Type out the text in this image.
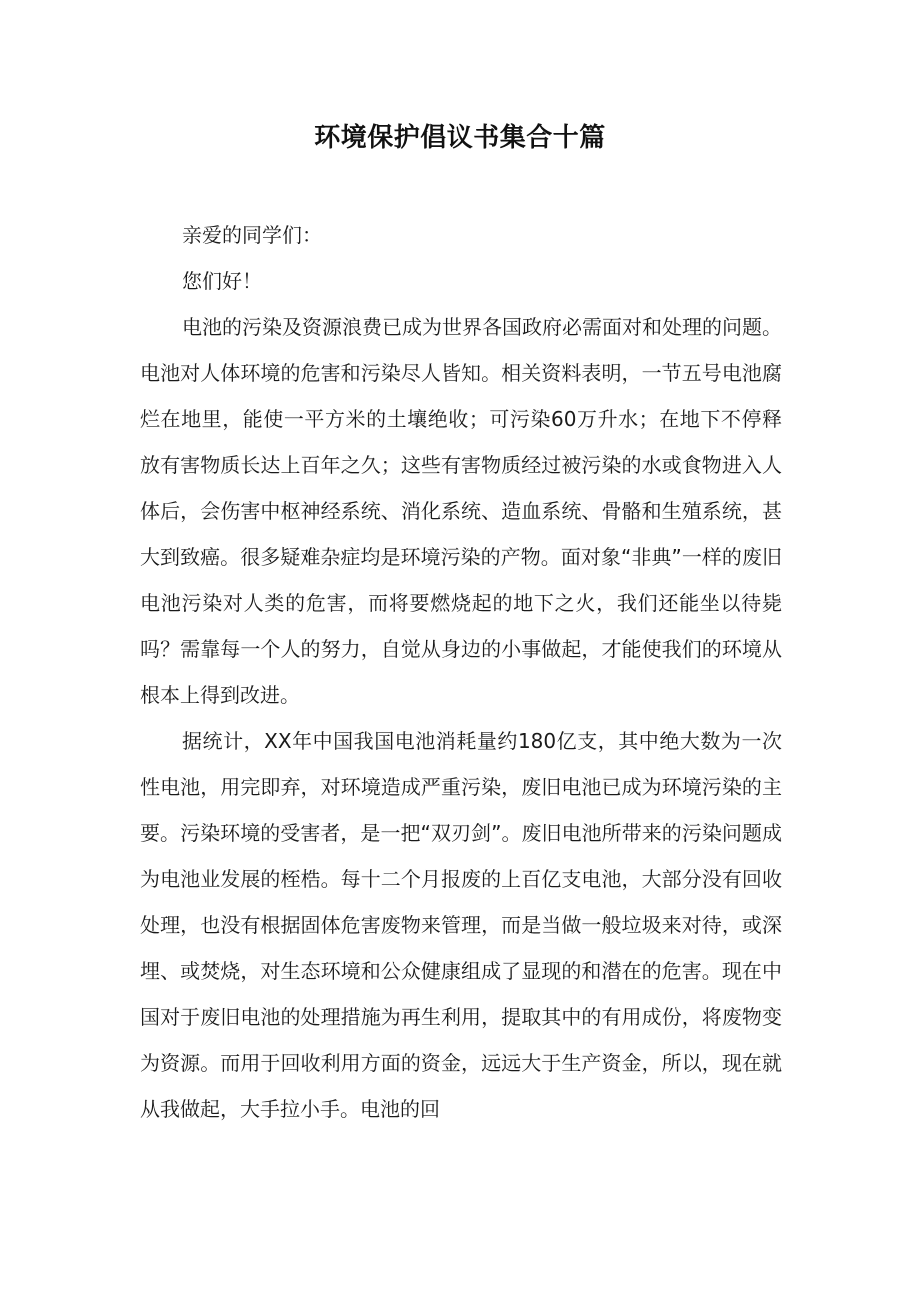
环境保护倡议书集合十篇

亲爱的同学们：

您们好！

电池的污染及资源浪费已成为世界各国政府必需面对和处理的问题。电池对人体环境的危害和污染尽人皆知。相关资料表明，一节五号电池腐烂在地里，能使一平方米的土壤绝收；可污染60万升水；在地下不停释放有害物质长达上百年之久；这些有害物质经过被污染的水或食物进入人体后，会伤害中枢神经系统、消化系统、造血系统、骨骼和生殖系统，甚大到致癌。很多疑难杂症均是环境污染的产物。面对象“非典”一样的废旧电池污染对人类的危害，而将要燃烧起的地下之火，我们还能坐以待毙吗？需靠每一个人的努力，自觉从身边的小事做起，才能使我们的环境从根本上得到改进。

据统计，XX年中国我国电池消耗量约180亿支，其中绝大数为一次性电池，用完即弃，对环境造成严重污染，废旧电池已成为环境污染的主要。污染环境的受害者，是一把“双刃剑”。废旧电池所带来的污染问题成为电池业发展的桎梏。每十二个月报废的上百亿支电池，大部分没有回收处理，也没有根据固体危害废物来管理，而是当做一般垃圾来对待，或深埋、或焚烧，对生态环境和公众健康组成了显现的和潜在的危害。现在中国对于废旧电池的处理措施为再生利用，提取其中的有用成份，将废物变为资源。而用于回收利用方面的资金，远远大于生产资金，所以，现在就从我做起，大手拉小手。电池的回
